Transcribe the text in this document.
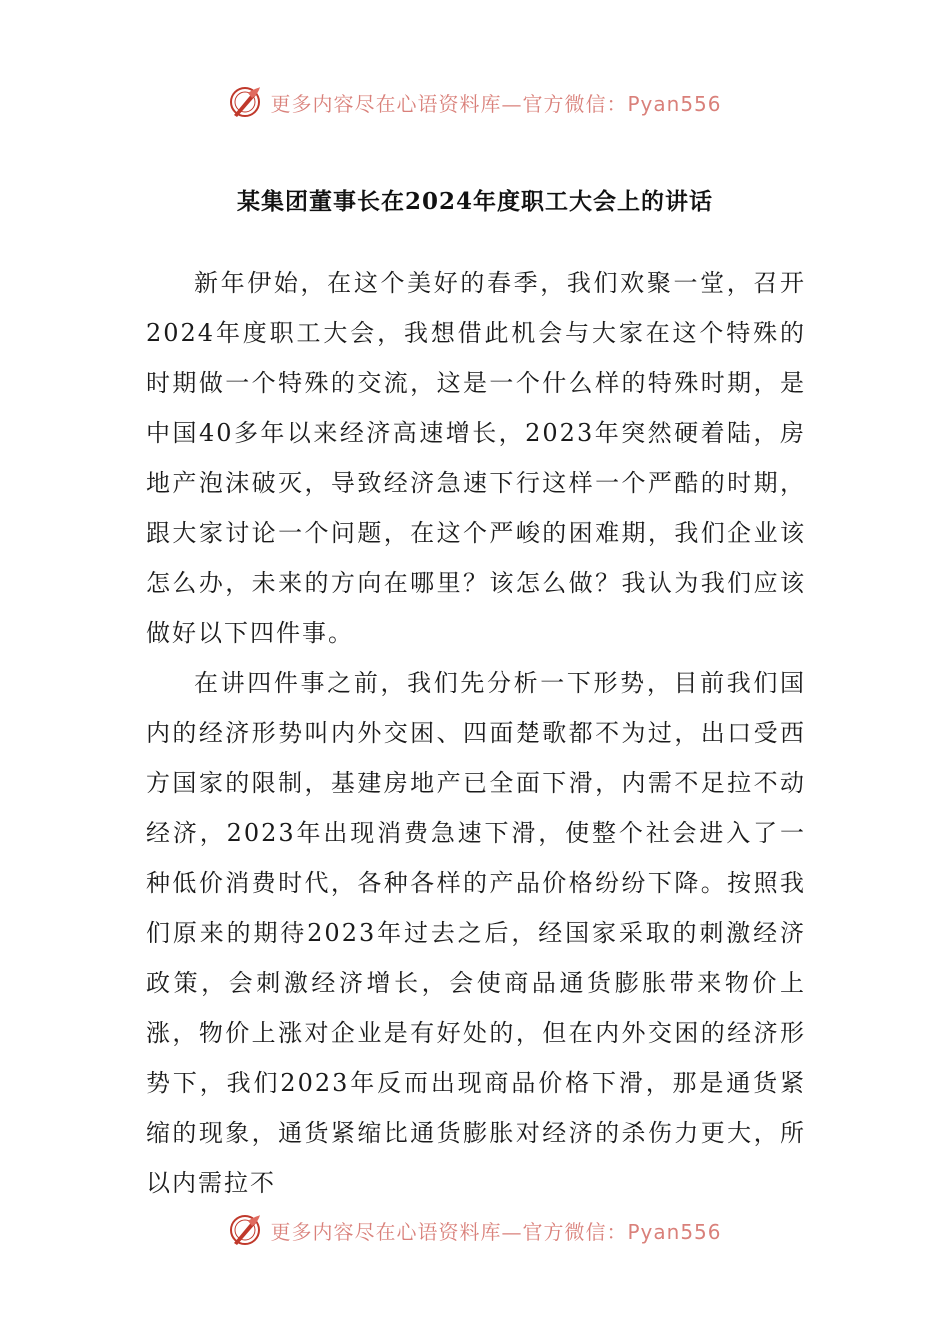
更多内容尽在心语资料库—官方微信：Pyan556
某集团董事长在2024年度职工大会上的讲话

新年伊始，在这个美好的春季，我们欢聚一堂，召开2024年度职工大会，我想借此机会与大家在这个特殊的时期做一个特殊的交流，这是一个什么样的特殊时期，是中国40多年以来经济高速增长，2023年突然硬着陆，房地产泡沫破灭，导致经济急速下行这样一个严酷的时期，跟大家讨论一个问题，在这个严峻的困难期，我们企业该怎么办，未来的方向在哪里？该怎么做？我认为我们应该做好以下四件事。

在讲四件事之前，我们先分析一下形势，目前我们国内的经济形势叫内外交困、四面楚歌都不为过，出口受西方国家的限制，基建房地产已全面下滑，内需不足拉不动经济，2023年出现消费急速下滑，使整个社会进入了一种低价消费时代，各种各样的产品价格纷纷下降。按照我们原来的期待2023年过去之后，经国家采取的刺激经济政策，会刺激经济增长，会使商品通货膨胀带来物价上涨，物价上涨对企业是有好处的，但在内外交困的经济形势下，我们2023年反而出现商品价格下滑，那是通货紧缩的现象，通货紧缩比通货膨胀对经济的杀伤力更大，所以内需拉不

更多内容尽在心语资料库—官方微信：Pyan556
